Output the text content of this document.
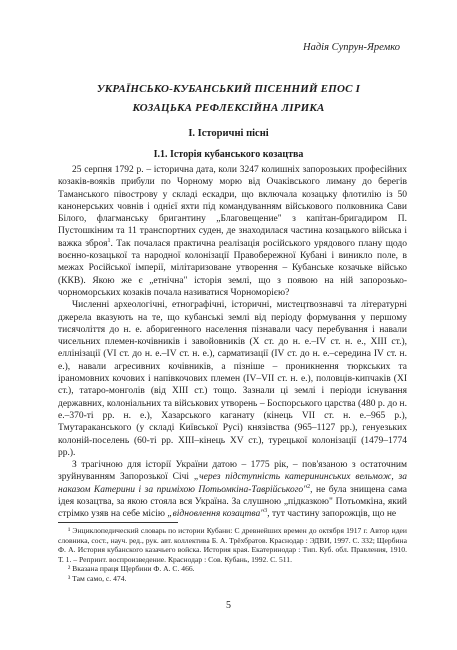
Надія Супрун-Яремко
УКРАЇНСЬКО-КУБАНСЬКИЙ ПІСЕННИЙ ЕПОС І
КОЗАЦЬКА РЕФЛЕКСІЙНА ЛІРИКА
I. Історичні пісні
I.1. Історія кубанського козацтва

25 серпня 1792 р. – історична дата, коли 3247 колишніх запорозьких професійних козаків-вояків прибули по Чорному морю від Очаківського лиману до берегів Таманського півострову у складі ескадри, що включала козацьку флотилію із 50 канонерських човнів і однієї яхти під командуванням військового полковника Сави Білого, флагманську бригантину „Благовещение" з капітан-бригадиром П. Пустошкіним та 11 транспортних суден, де знаходилася частина козацького війська і важка зброя$^1$. Так почалася практична реалізація російського урядового плану щодо воєнно-козацької та народної колонізації Правобережної Кубані і виникло поле, в межах Російської імперії, мілітаризоване утворення – Кубанське козачьке військо (ККВ). Якою же є „етнічна" історія землі, що з появою на ній запорозько-чорноморських козаків почала називатися Чорноморією?

Численні археологічні, етнографічні, історичні, мистецтвознавчі та літературні джерела вказують на те, що кубанські землі від періоду формування у першому тисячоліття до н. е. аборигенного населення пізнавали часу перебування і навали чисельних племен-кочівників і завойовників (X ст. до н. е.–IV ст. н. е., XIII ст.), еллінізації (VI ст. до н. е.–IV ст. н. е.), сарматизації (IV ст. до н. е.–середина IV ст. н. е.), навали агресивних кочівників, а пізніше – проникнення тюркських та іраномовних кочових і напівкочових племен (IV–VII ст. н. е.), половців-кипчаків (XI ст.), татаро-монголів (від XIII ст.) тощо. Зазнали ці землі і періоди існування державних, колоніальних та військових утворень – Боспорського царства (480 р. до н. е.–370-ті рр. н. е.), Хазарського каганату (кінець VII ст. н. е.–965 р.), Тмутараканського (у складі Київської Русі) князівства (965–1127 рр.), генуезьких колоній-поселень (60-ті рр. XIII–кінець XV ст.), турецької колонізації (1479–1774 рр.).

З трагічною для історії України датою – 1775 рік, – пов'язаною з остаточним зруйнуванням Запорозької Січі „через підступність катерининських вельмож, за наказом Катерини і за приміхою Потьомкіна-Таврійського"$^2$, не була знищена сама ідея козацтва, за якою стояла вся Україна. За слушною „підказкою" Потьомкіна, який стрімко узяв на себе місію „відновлення козацтва"$^3$, тут частину запорожців, що не

¹ Энциклопедический словарь по истории Кубани: С древнейших времен до октября 1917 г. Автор идеи словника, сост., науч. ред., рук. авт. коллектива Б. А. Трёхбратов. Краснодар : ЭДВИ, 1997. С. 332; Щербина Ф. А. История кубанского казачьего войска. История края. Екатеринодар : Тип. Куб. обл. Правления, 1910. Т. 1. – Репринт. воспроизведение. Краснодар : Сов. Кубань, 1992. С. 511.

² Вказана праця Щербини Ф. А. С. 466.

³ Там само, с. 474.

5
